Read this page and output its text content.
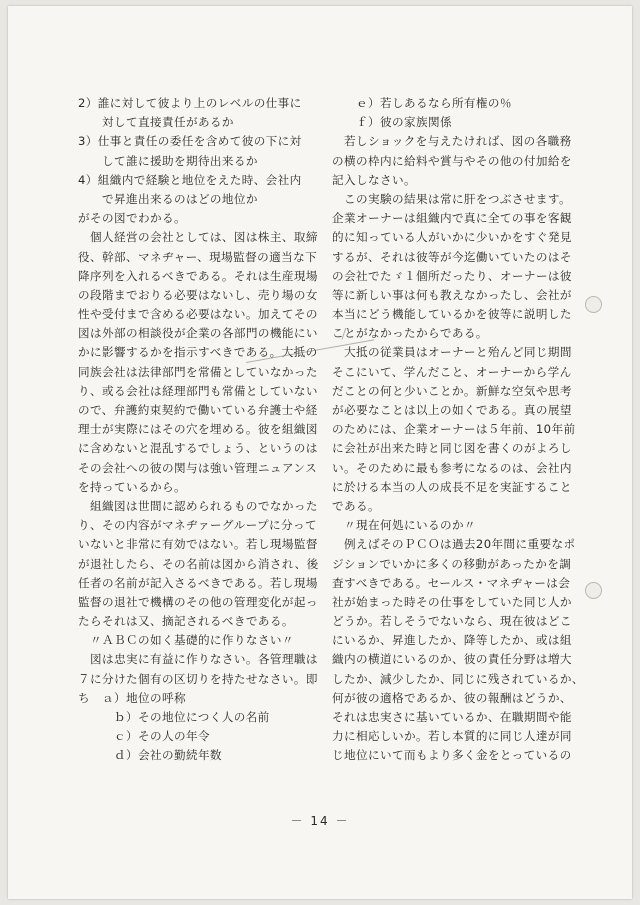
2）誰に対して彼より上のレベルの仕事に
　　対して直接責任があるか
3）仕事と責任の委任を含めて彼の下に対
　　して誰に援助を期待出来るか
4）組織内で経験と地位をえた時、会社内
　　で昇進出来るのはどの地位か
がその図でわかる。
　個人経営の会社としては、図は株主、取締
役、幹部、マネヂャー、現場監督の適当な下
降序列を入れるべきである。それは生産現場
の段階までおりる必要はないし、売り場の女
性や受付まで含める必要はない。加えてその
図は外部の相談役が企業の各部門の機能にい
かに影響するかを指示すべきである。大抵の
同族会社は法律部門を常備としていなかった
り、或る会社は経理部門も常備としていない
ので、弁護約束契約で働いている弁護士や経
理士が実際にはその穴を埋める。彼を組織図
に含めないと混乱するでしょう、というのは
その会社への彼の関与は強い管理ニュアンス
を持っているから。
　組織図は世間に認められるものでなかった
り、その内容がマネヂァーグループに分って
いないと非常に有効ではない。若し現場監督
が退社したら、その名前は図から消され、後
任者の名前が記入さるべきである。若し現場
監督の退社で機構のその他の管理変化が起っ
たらそれは又、摘記されるべきである。
　〃ＡＢＣの如く基礎的に作りなさい〃
　図は忠実に有益に作りなさい。各管理職は
７に分けた個有の区切りを持たせなさい。即
ち　ａ）地位の呼称
　　　ｂ）その地位につく人の名前
　　　ｃ）その人の年令
　　　ｄ）会社の勤続年数
　　ｅ）若しあるなら所有権の％
　　ｆ）彼の家族関係
　若しショックを与えたければ、図の各職務
の横の枠内に給料や賞与やその他の付加給を
記入しなさい。
　この実験の結果は常に肝をつぶさせます。
企業オーナーは組織内で真に全ての事を客観
的に知っている人がいかに少いかをすぐ発見
するが、それは彼等が今迄働いていたのはそ
の会社でたゞ１個所だったり、オーナーは彼
等に新しい事は何も教えなかったし、会社が
本当にどう機能しているかを彼等に説明した
ことがなかったからである。
　大抵の従業員はオーナーと殆んど同じ期間
そこにいて、学んだこと、オーナーから学ん
だことの何と少いことか。新鮮な空気や思考
が必要なことは以上の如くである。真の展望
のためには、企業オーナーは５年前、10年前
に会社が出来た時と同じ図を書くのがよろし
い。そのために最も参考になるのは、会社内
に於ける本当の人の成長不足を実証すること
である。
　〃現在何処にいるのか〃
　例えばそのＰＣＯは過去20年間に重要なポ
ジションでいかに多くの移動があったかを調
査すべきである。セールス・マネヂャーは会
社が始まった時その仕事をしていた同じ人か
どうか。若しそうでないなら、現在彼はどこ
にいるか、昇進したか、降等したか、或は組
織内の横道にいるのか、彼の責任分野は増大
したか、減少したか、同じに残されているか、
何が彼の適格であるか、彼の報酬はどうか、
それは忠実さに基いているか、在職期間や能
力に相応しいか。若し本質的に同じ人達が同
じ地位にいて而もより多く金をとっているの
－ 14 －
